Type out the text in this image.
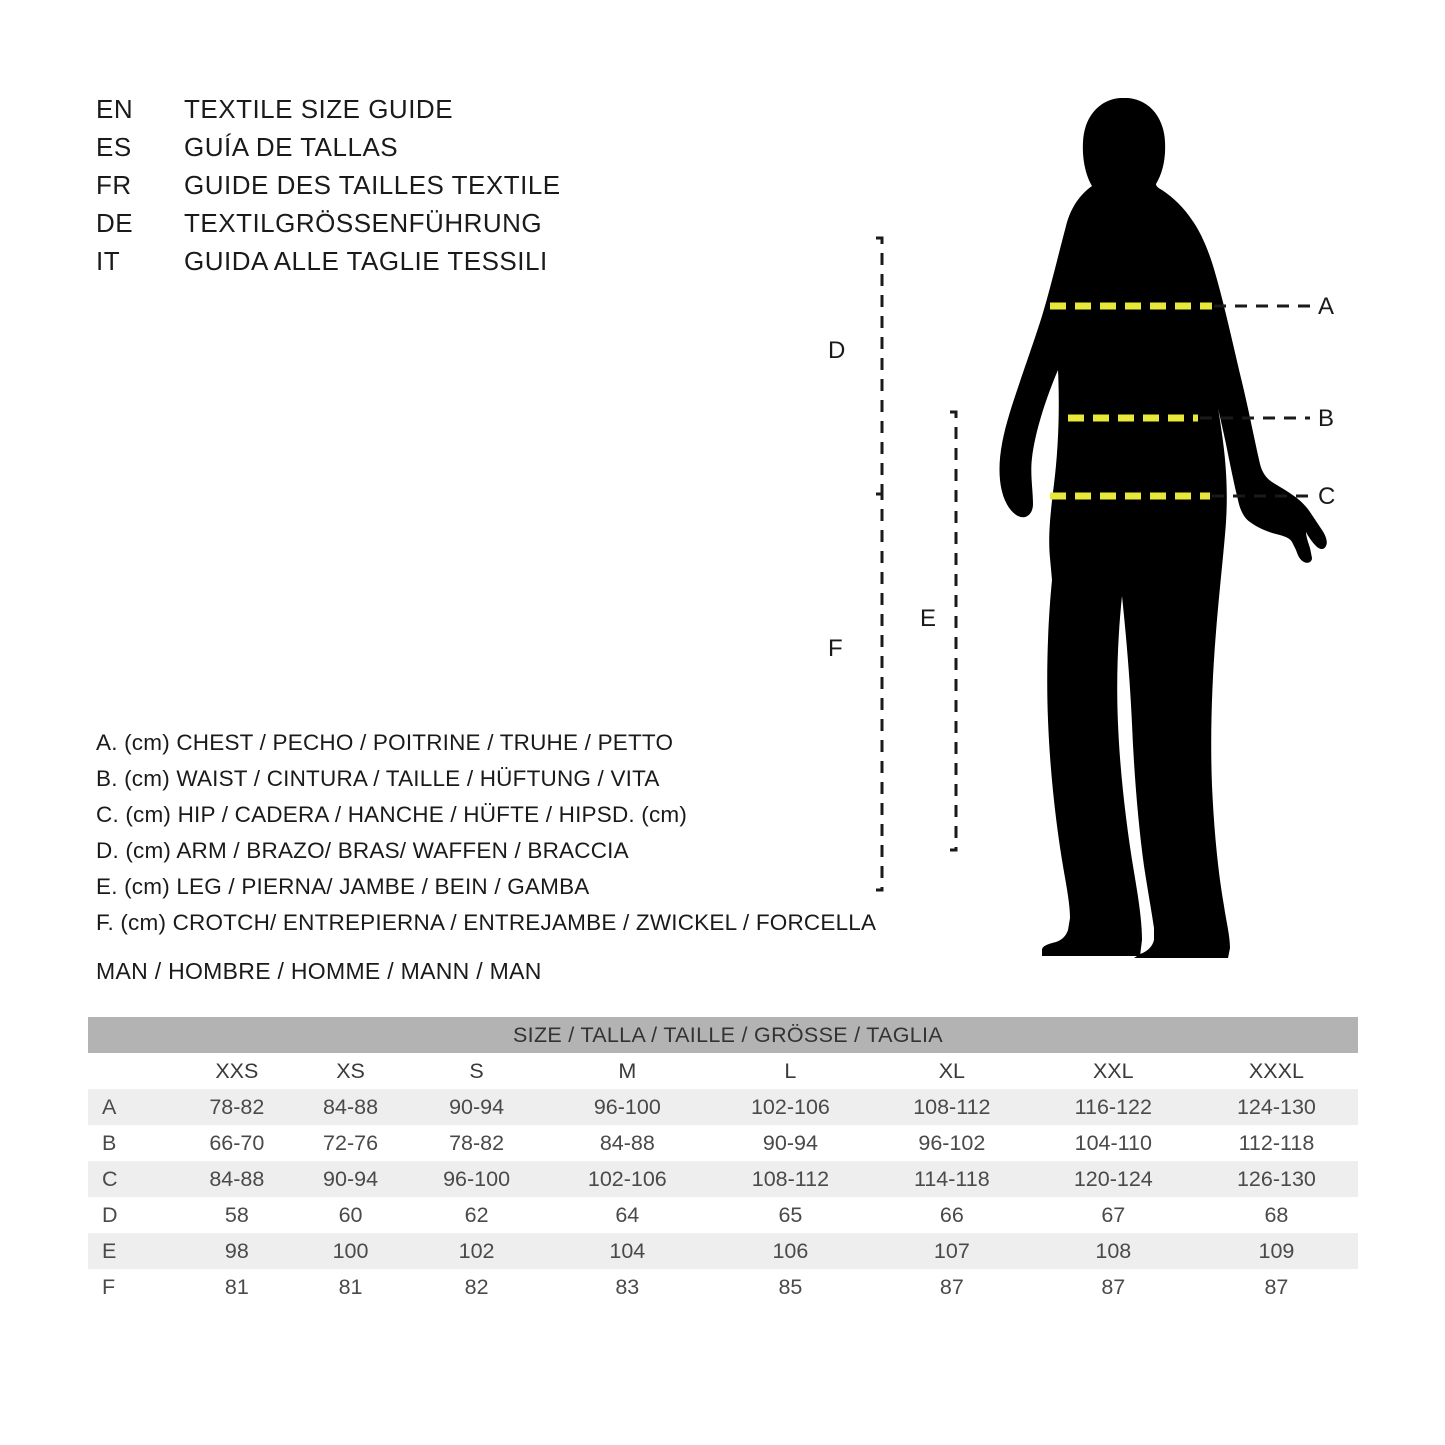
EN	TEXTILE SIZE GUIDE
ES	GUÍA DE TALLAS
FR	GUIDE DES TAILLES TEXTILE
DE	TEXTILGRÖSSENFÜHRUNG
IT	GUIDA ALLE TAGLIE TESSILI
A
B
C
D
E
F
A. (cm) CHEST / PECHO / POITRINE / TRUHE / PETTO
B. (cm) WAIST / CINTURA / TAILLE / HÜFTUNG / VITA
C. (cm) HIP / CADERA / HANCHE / HÜFTE / HIPSD. (cm)
D. (cm) ARM / BRAZO/ BRAS/ WAFFEN / BRACCIA
E. (cm) LEG / PIERNA/ JAMBE / BEIN / GAMBA
F. (cm) CROTCH/ ENTREPIERNA / ENTREJAMBE / ZWICKEL / FORCELLA
MAN / HOMBRE / HOMME / MANN / MAN
SIZE / TALLA / TAILLE / GRÖSSE / TAGLIA								
	XXS	XS	S	M	L	XL	XXL	XXXL
A	78-82	84-88	90-94	96-100	102-106	108-112	116-122	124-130
B	66-70	72-76	78-82	84-88	90-94	96-102	104-110	112-118
C	84-88	90-94	96-100	102-106	108-112	114-118	120-124	126-130
D	58	60	62	64	65	66	67	68
E	98	100	102	104	106	107	108	109
F	81	81	82	83	85	87	87	87
